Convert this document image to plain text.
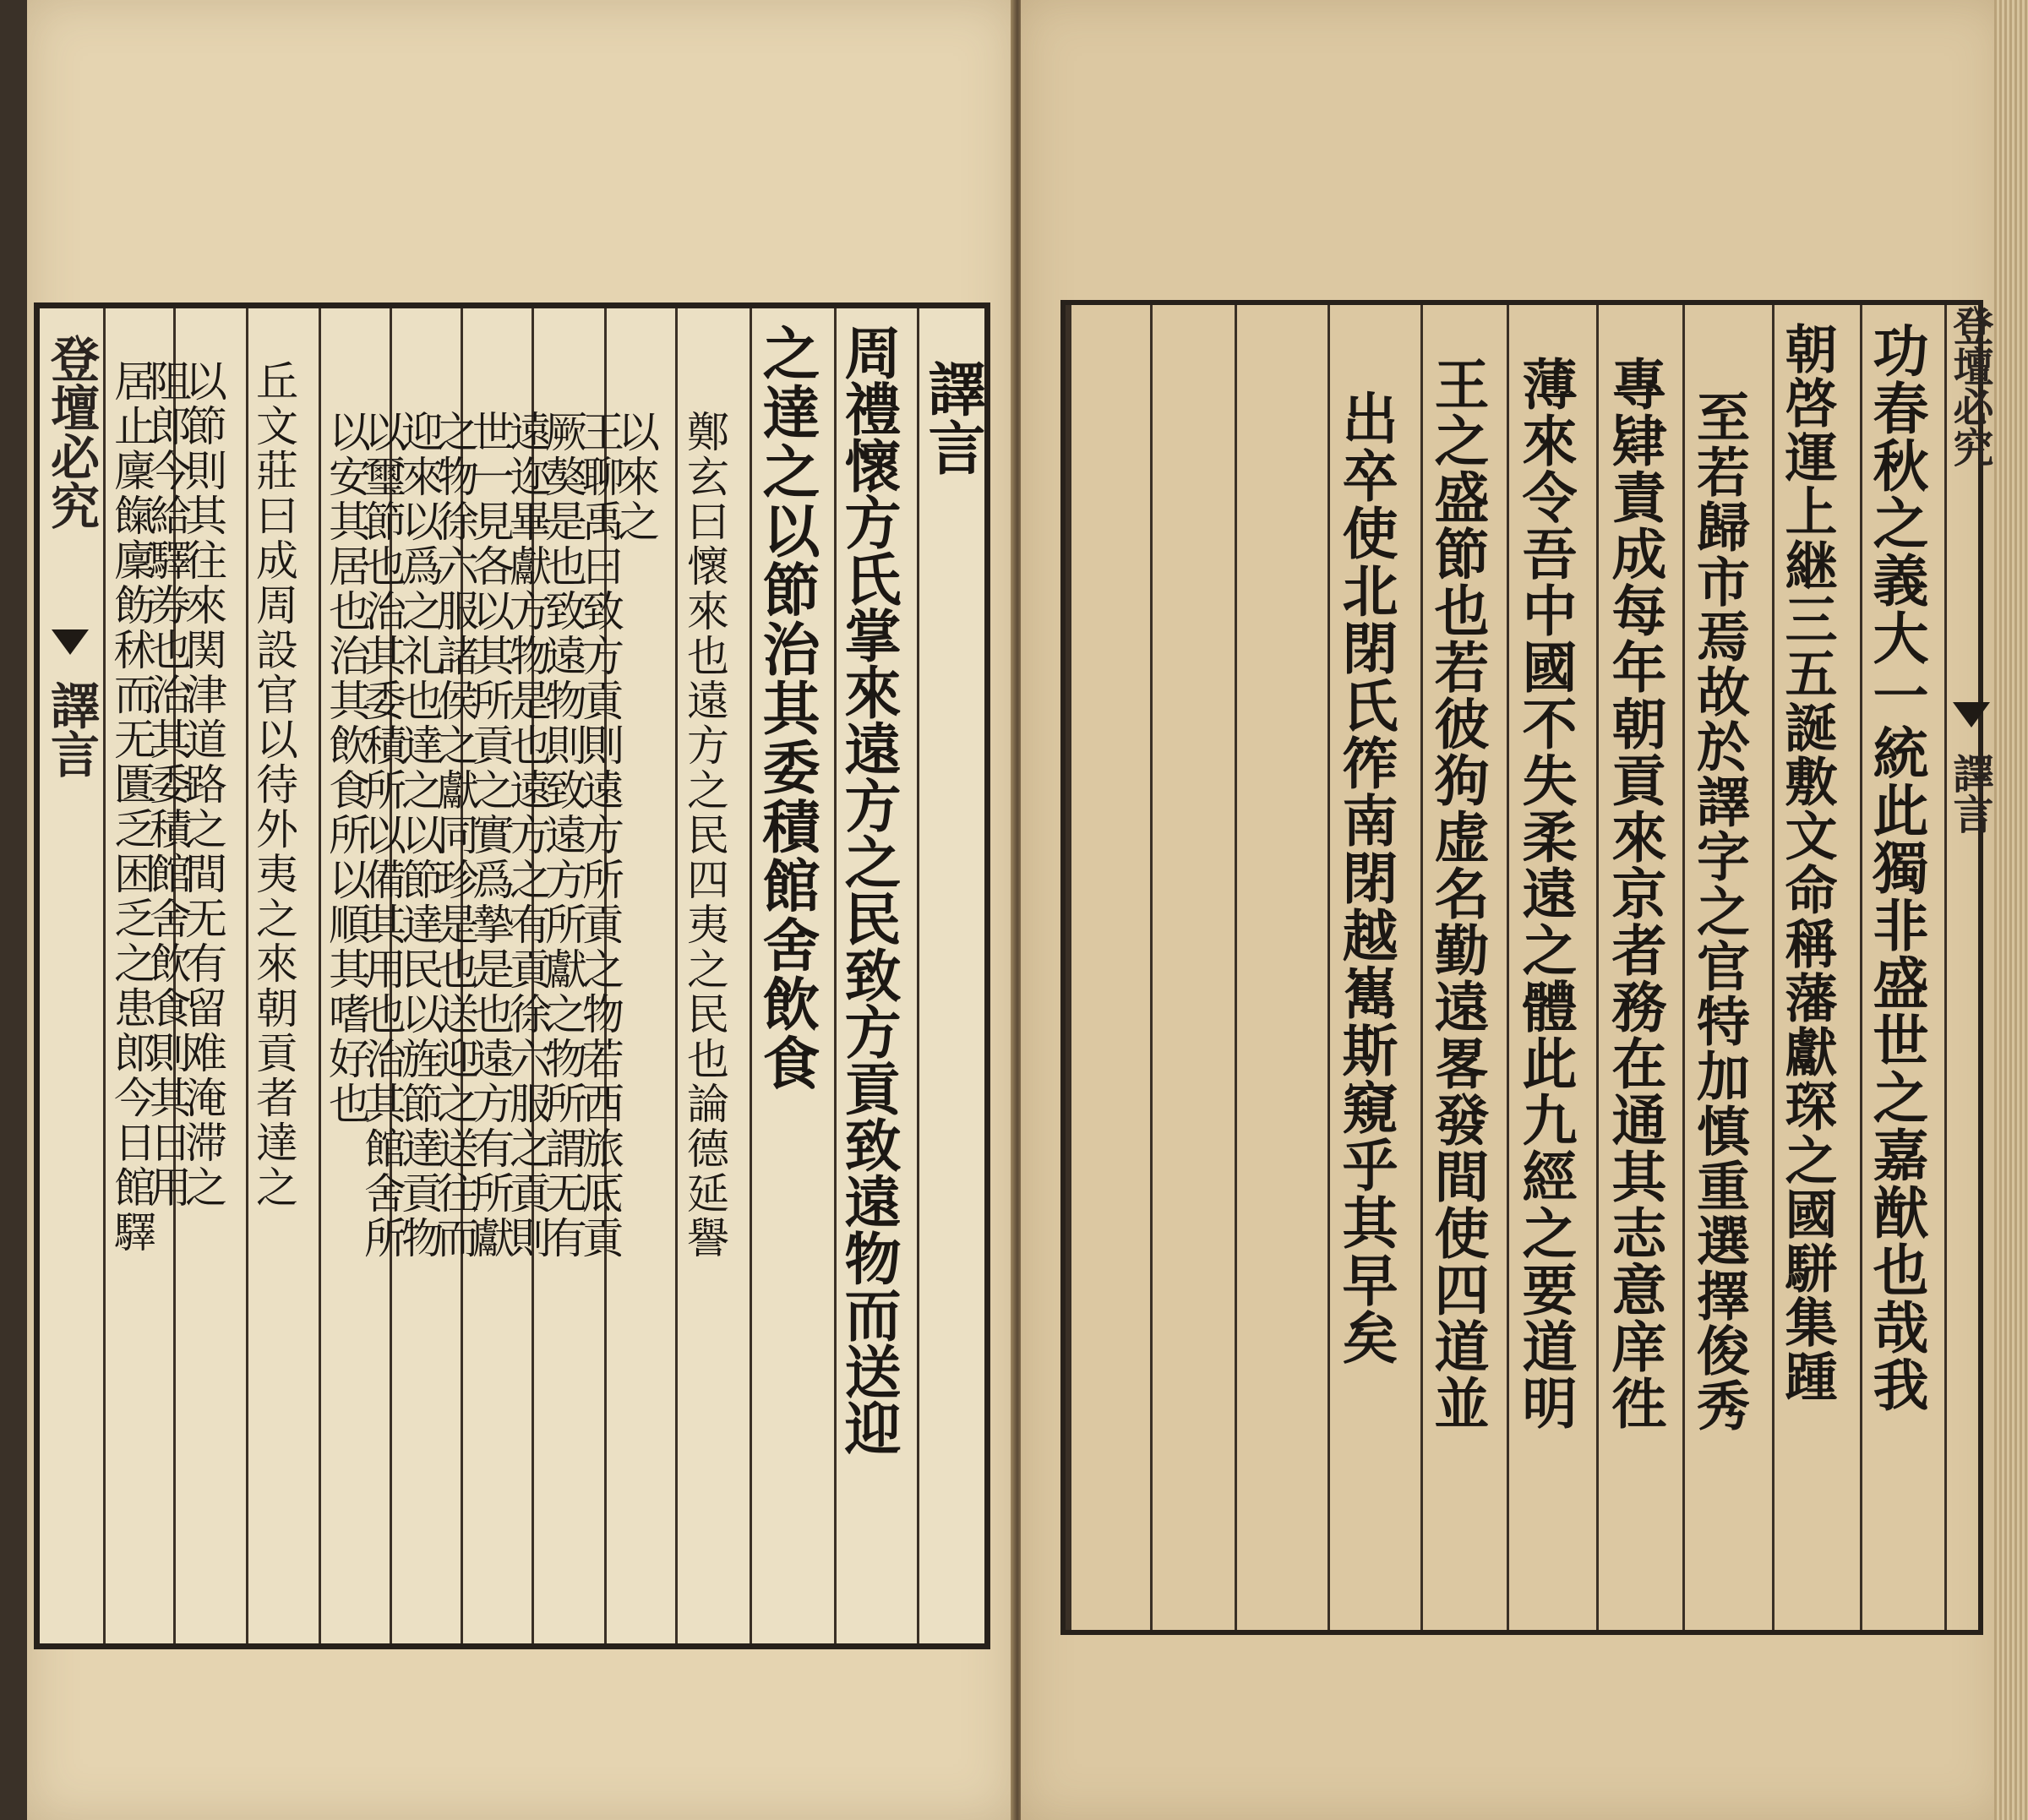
登壇必究
譯言
譯言
周禮懷方氏掌來遠方之民致方貢致遠物而送迎
之達之以節治其委積館舍飲食
鄭玄曰懷來也遠方之民四夷之民也論德延譽
以來之
王聊禹曰致方貢則遠方所貢之物若西旅厎貢
厥獒是也致遠物則致遠方所獻之物所謂无有
遠迩畢獻方物是也遠方之有貢徐六服之貢則
世一見各以其所貢之實爲摯是也遠方有所獻
之物徐六服諸侯之獻同珍是也送迎之送往而
迎來以爲之礼也達之以節達民以旌節達貢物
以璽節也治其委積所以備其用也治其館舍所
以安其居也治其飲食所以順其嗜好也
丘文莊曰成周設官以待外夷之來朝貢者達之
以節則其往來関津道路之間无有留难淹滞之
阻郎今給驛券也治其委積館舍飲食則其日用
居止廩餼廩飭秫而无匱乏困乏之患郎今日館驛	功春秋之義大一統此獨非盛世之嘉猷也哉我
朝啓運上継三五誕敷文命稱藩獻琛之國駢集踵
至若歸市焉故於譯字之官特加慎重選擇俊秀
專肄責成每年朝貢來京者務在通其志意庠徃
薄來令吾中國不失柔遠之體此九經之要道明
王之盛節也若彼狗虚名勤遠畧發間使四道並
出卒使北閉氏筰南閉越嶲斯窺乎其早矣
登壇必究
譯言
